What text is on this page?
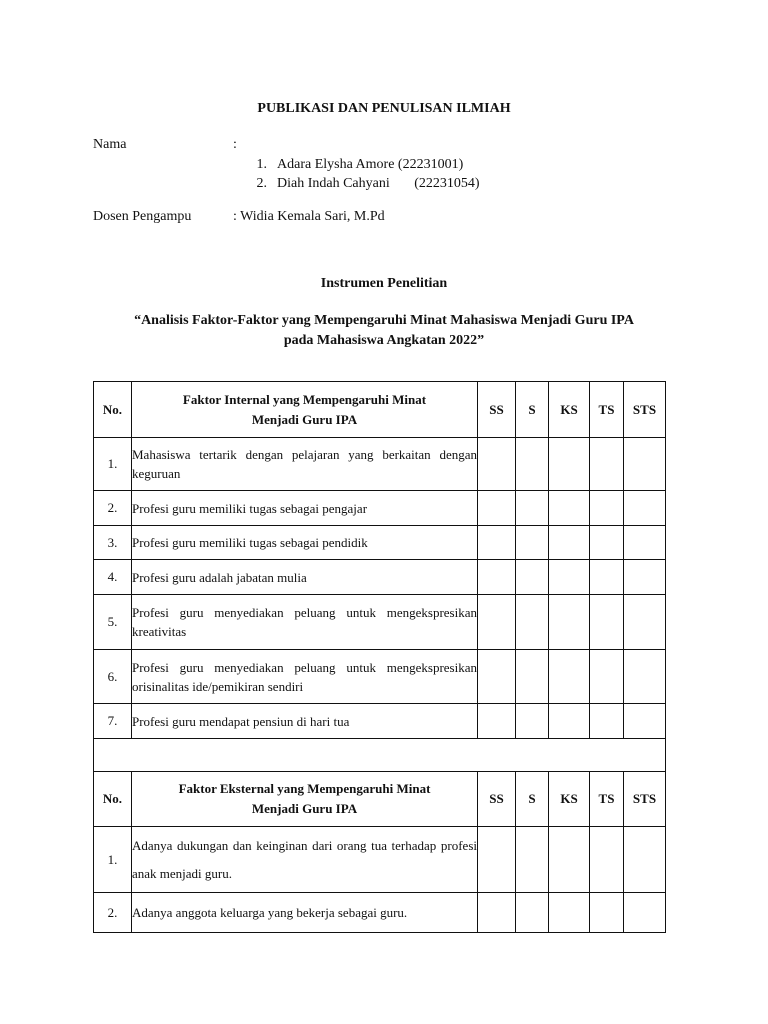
PUBLIKASI DAN PENULISAN ILMIAH
Nama	:
1. Adara Elysha Amore (22231001)
2. Diah Indah Cahyani       (22231054)
Dosen Pengampu	: Widia Kemala Sari, M.Pd
Instrumen Penelitian
“Analisis Faktor-Faktor yang Mempengaruhi Minat Mahasiswa Menjadi Guru IPA
pada Mahasiswa Angkatan 2022”
No.	Faktor Internal yang Mempengaruhi Minat Menjadi Guru IPA	SS	S	KS	TS	STS
1.	Mahasiswa tertarik dengan pelajaran yang berkaitan dengan keguruan					
2.	Profesi guru memiliki tugas sebagai pengajar					
3.	Profesi guru memiliki tugas sebagai pendidik					
4.	Profesi guru adalah jabatan mulia					
5.	Profesi guru menyediakan peluang untuk mengekspresikan kreativitas					
6.	Profesi guru menyediakan peluang untuk mengekspresikan orisinalitas ide/pemikiran sendiri					
7.	Profesi guru mendapat pensiun di hari tua					

No.	Faktor Eksternal yang Mempengaruhi Minat Menjadi Guru IPA	SS	S	KS	TS	STS
1.	Adanya dukungan dan keinginan dari orang tua terhadap profesi anak menjadi guru.					
2.	Adanya anggota keluarga yang bekerja sebagai guru.					
